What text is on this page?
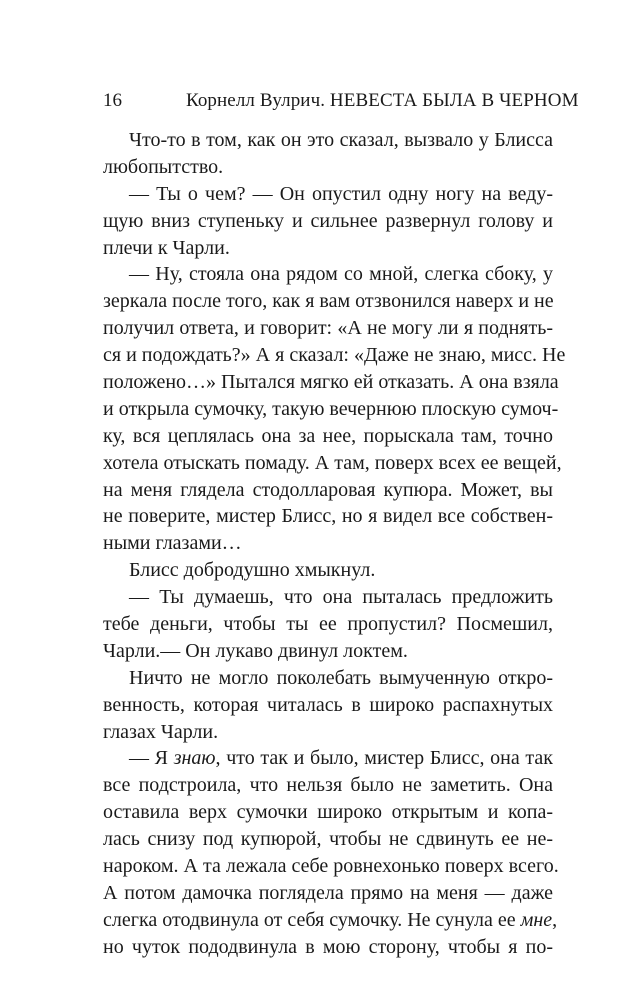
16	Корнелл Вулрич. НЕВЕСТА БЫЛА В ЧЕРНОМ
Что-то в том, как он это сказал, вызвало у Блисса
любопытство.
— Ты о чем? — Он опустил одну ногу на веду-
щую вниз ступеньку и сильнее развернул голову и
плечи к Чарли.
— Ну, стояла она рядом со мной, слегка сбоку, у
зеркала после того, как я вам отзвонился наверх и не
получил ответа, и говорит: «А не могу ли я поднять-
ся и подождать?» А я сказал: «Даже не знаю, мисс. Не
положено…» Пытался мягко ей отказать. А она взяла
и открыла сумочку, такую вечернюю плоскую сумоч-
ку, вся цеплялась она за нее, порыскала там, точно
хотела отыскать помаду. А там, поверх всех ее вещей,
на меня глядела стодолларовая купюра. Может, вы
не поверите, мистер Блисс, но я видел все собствен-
ными глазами…
Блисс добродушно хмыкнул.
— Ты думаешь, что она пыталась предложить
тебе деньги, чтобы ты ее пропустил? Посмешил,
Чарли.— Он лукаво двинул локтем.
Ничто не могло поколебать вымученную откро-
венность, которая читалась в широко распахнутых
глазах Чарли.
— Я знаю, что так и было, мистер Блисс, она так
все подстроила, что нельзя было не заметить. Она
оставила верх сумочки широко открытым и копа-
лась снизу под купюрой, чтобы не сдвинуть ее не-
нароком. А та лежала себе ровнехонько поверх всего.
А потом дамочка поглядела прямо на меня — даже
слегка отодвинула от себя сумочку. Не сунула ее мне,
но чуток пододвинула в мою сторону, чтобы я по-
